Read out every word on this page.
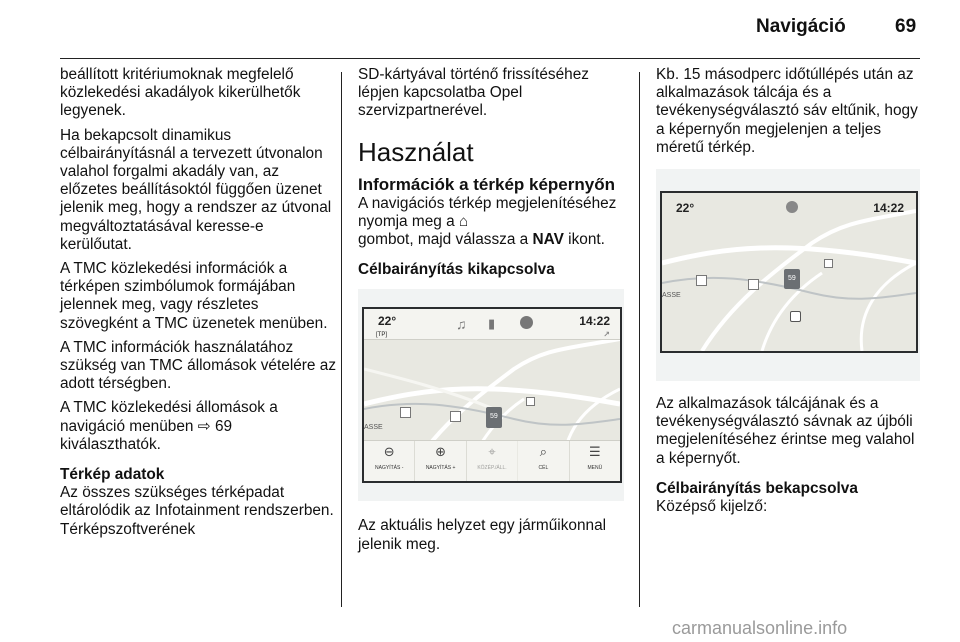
Navigáció	69

beállított kritériumoknak megfelelő közlekedési akadályok kikerülhetők legyenek.

Ha bekapcsolt dinamikus célbairányításnál a tervezett útvonalon valahol forgalmi akadály van, az előzetes beállításoktól függően üzenet jelenik meg, hogy a rendszer az útvonal megváltoztatásával keresse-e kerülőutat.

A TMC közlekedési információk a térképen szimbólumok formájában jelennek meg, vagy részletes szövegként a TMC üzenetek menüben.

A TMC információk használatához szükség van TMC állomások vételére az adott térségben.

A TMC közlekedési állomások a navigáció menüben ⇨ 69
kiválaszthatók.

Térkép adatok

Az összes szükséges térképadat eltárolódik az Infotainment rendszerben. Térképszoftverének

SD-kártyával történő frissítéséhez lépjen kapcsolatba Opel szervizpartnerével.

Használat
Információk a térkép képernyőn

A navigációs térkép megjelenítéséhez nyomja meg a ⌂
gombot, majd válassza a NAV ikont.

Célbairányítás kikapcsolva

59
ASSE
22°
[TP]
♫ ▮	14:22
↗
⊖
NAGYÍTÁS -
⊕
NAGYÍTÁS +
⌖
KÖZÉP./ÁLL.
⌕
CÉL
☰
MENÜ

Az aktuális helyzet egy járműikonnal jelenik meg.

Kb. 15 másodperc időtúllépés után az alkalmazások tálcája és a tevékenységválasztó sáv eltűnik, hogy a képernyőn megjelenjen a teljes méretű térkép.

22°	14:22
59
ASSE

Az alkalmazások tálcájának és a tevékenységválasztó sávnak az újbóli megjelenítéséhez érintse meg valahol a képernyőt.

Célbairányítás bekapcsolva

Középső kijelző:

carmanualsonline.info
